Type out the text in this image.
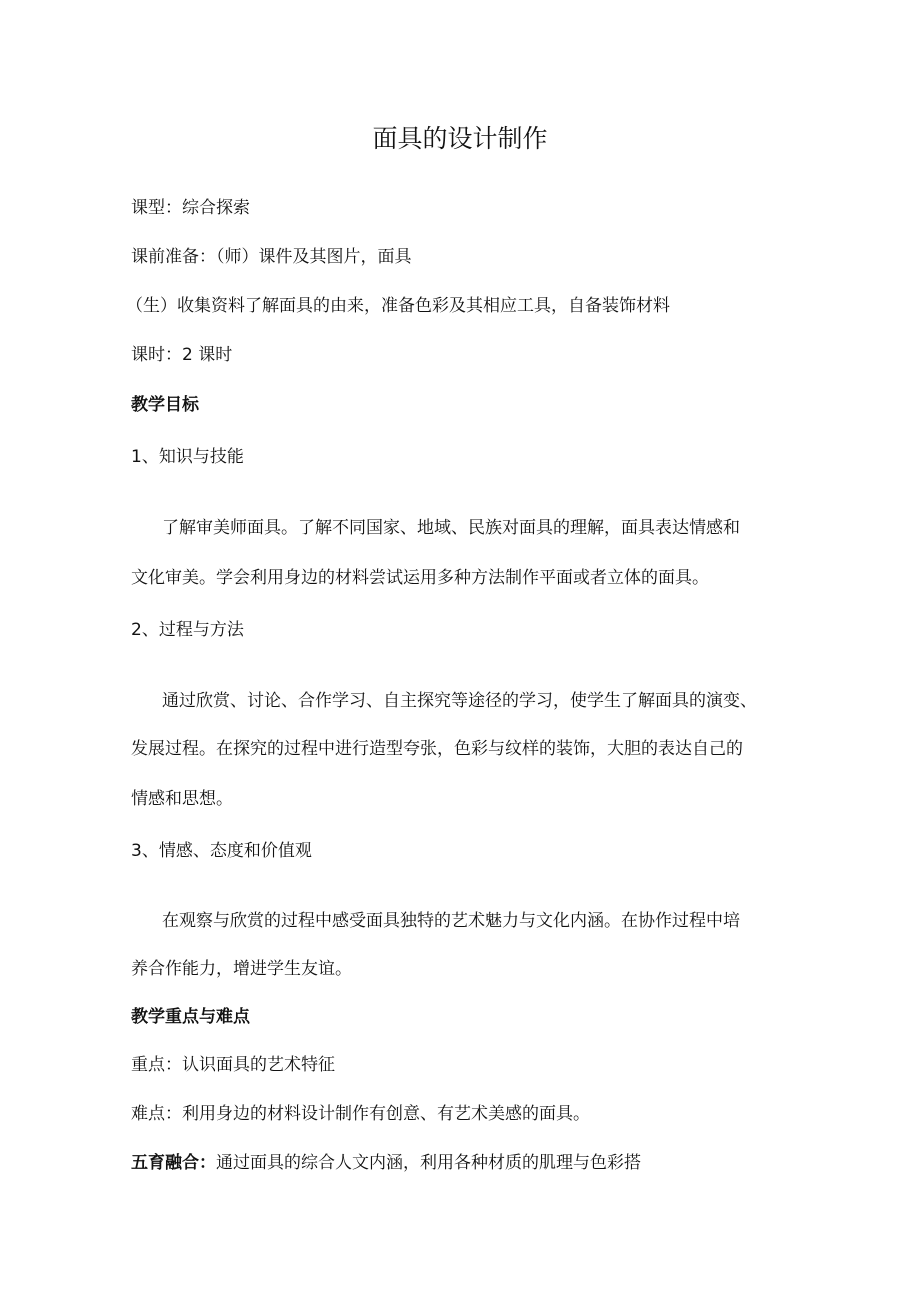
面具的设计制作
课型：综合探索
课前准备：（师）课件及其图片，面具
（生）收集资料了解面具的由来，准备色彩及其相应工具，自备装饰材料
课时：2 课时
教学目标
1、知识与技能
了解审美师面具。了解不同国家、地域、民族对面具的理解，面具表达情感和
文化审美。学会利用身边的材料尝试运用多种方法制作平面或者立体的面具。
2、过程与方法
通过欣赏、讨论、合作学习、自主探究等途径的学习，使学生了解面具的演变、
发展过程。在探究的过程中进行造型夸张，色彩与纹样的装饰，大胆的表达自己的
情感和思想。
3、情感、态度和价值观
在观察与欣赏的过程中感受面具独特的艺术魅力与文化内涵。在协作过程中培
养合作能力，增进学生友谊。
教学重点与难点
重点：认识面具的艺术特征
难点：利用身边的材料设计制作有创意、有艺术美感的面具。
五育融合：通过面具的综合人文内涵，利用各种材质的肌理与色彩搭
